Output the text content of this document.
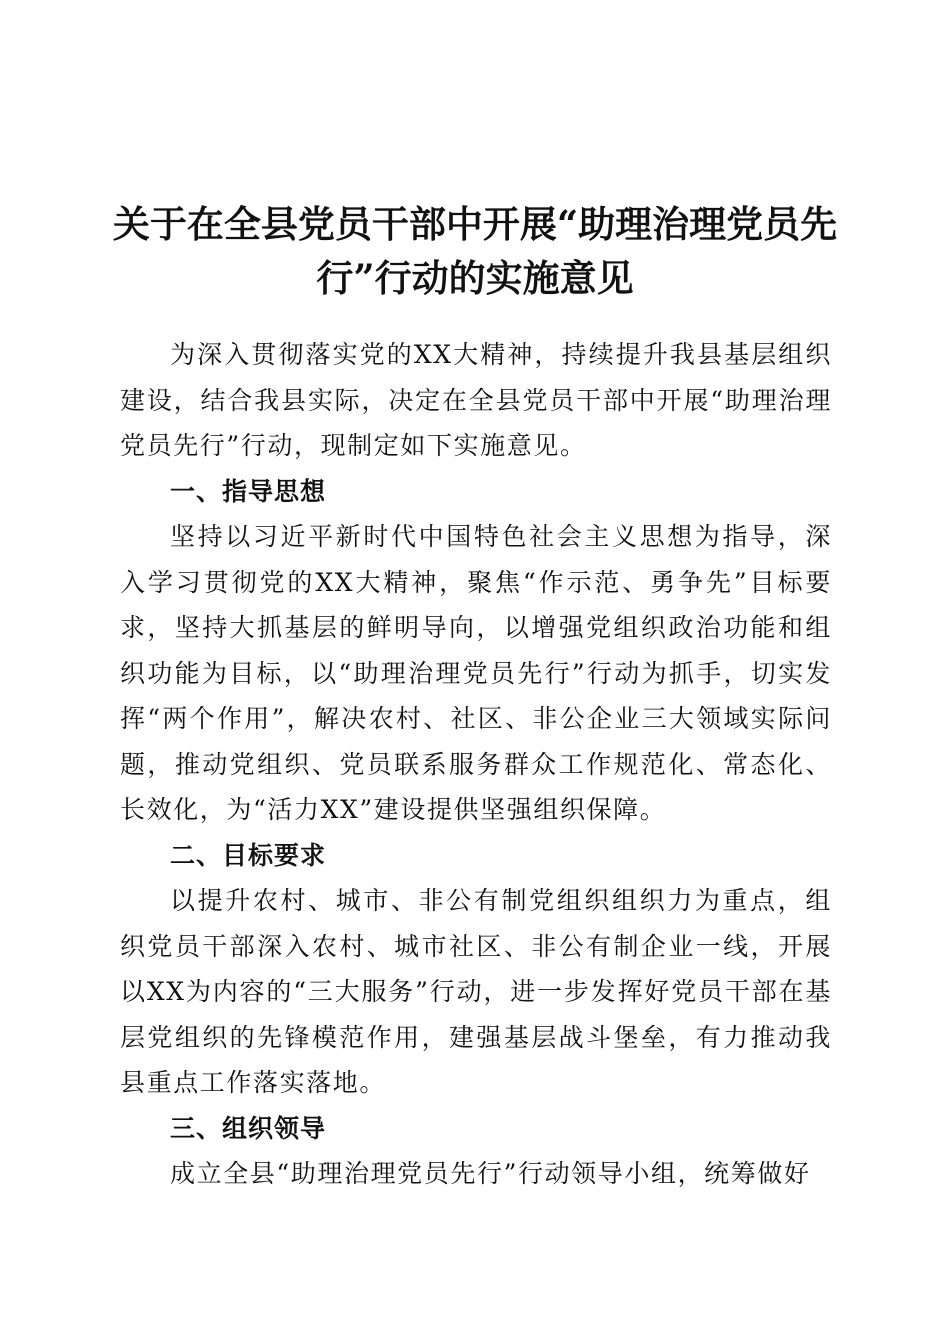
关于在全县党员干部中开展“助理治理党员先
行”行动的实施意见

为深入贯彻落实党的XX大精神，持续提升我县基层组织建设，结合我县实际，决定在全县党员干部中开展“助理治理党员先行”行动，现制定如下实施意见。

一、指导思想

坚持以习近平新时代中国特色社会主义思想为指导，深入学习贯彻党的XX大精神，聚焦“作示范、勇争先”目标要求，坚持大抓基层的鲜明导向，以增强党组织政治功能和组织功能为目标，以“助理治理党员先行”行动为抓手，切实发挥“两个作用”，解决农村、社区、非公企业三大领域实际问题，推动党组织、党员联系服务群众工作规范化、常态化、长效化，为“活力XX”建设提供坚强组织保障。

二、目标要求

以提升农村、城市、非公有制党组织组织力为重点，组织党员干部深入农村、城市社区、非公有制企业一线，开展以XX为内容的“三大服务”行动，进一步发挥好党员干部在基层党组织的先锋模范作用，建强基层战斗堡垒，有力推动我县重点工作落实落地。

三、组织领导

成立全县“助理治理党员先行”行动领导小组，统筹做好
